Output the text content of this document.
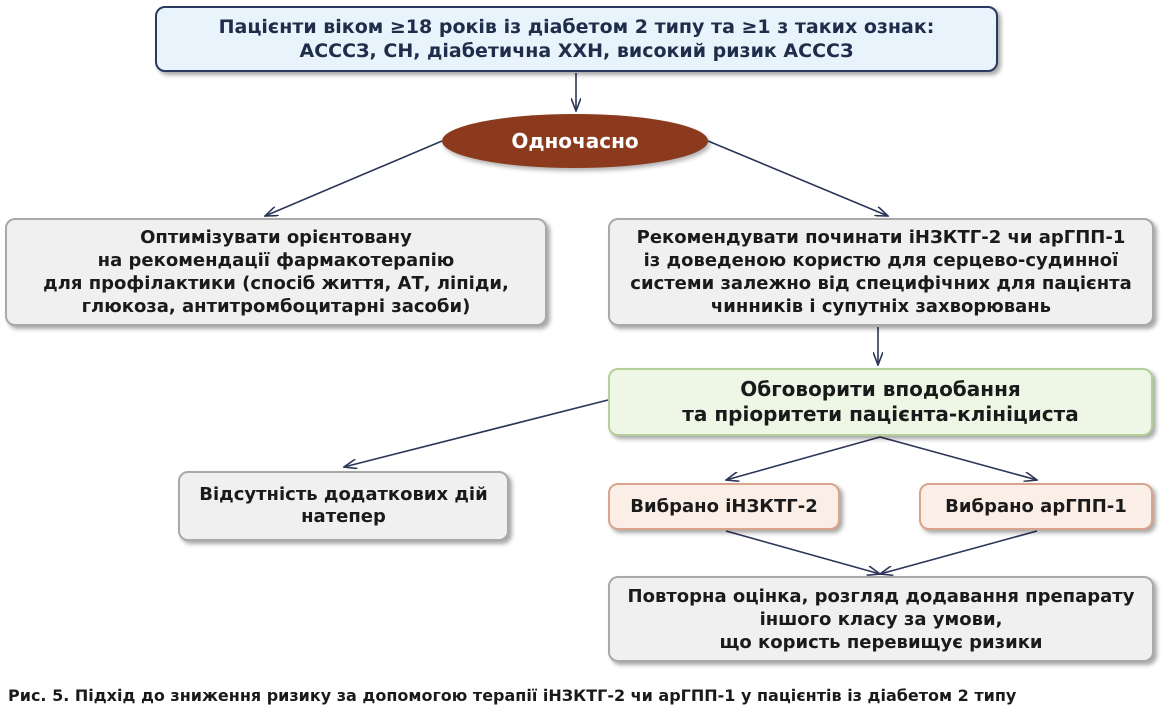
Пацієнти віком ≥18 років із діабетом 2 типу та ≥1 з таких ознак:
АСССЗ, СН, діабетична ХХН, високий ризик АСССЗ
Одночасно
Оптимізувати орієнтовану
на рекомендації фармакотерапію
для профілактики (спосіб життя, АТ, ліпіди,
глюкоза, антитромбоцитарні засоби)
Рекомендувати починати іНЗКТГ-2 чи арГПП-1
із доведеною користю для серцево-судинної
системи залежно від специфічних для пацієнта
чинників і супутніх захворювань
Обговорити вподобання
та пріоритети пацієнта-клініциста
Відсутність додаткових дій
натепер	Вибрано іНЗКТГ-2	Вибрано арГПП-1
Повторна оцінка, розгляд додавання препарату
іншого класу за умови,
що користь перевищує ризики
Рис. 5. Підхід до зниження ризику за допомогою терапії іНЗКТГ-2 чи арГПП-1 у пацієнтів із діабетом 2 типу
